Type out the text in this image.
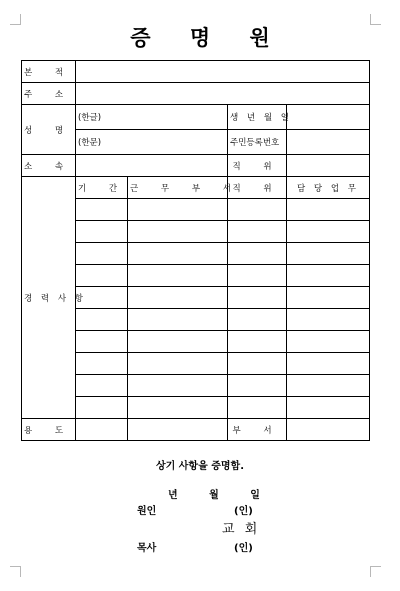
증 명 원
본 적				
주 소				
성 명	(한글)		생 년 월 일	
	(한문)		주민등록번호	
소 속			직 위	
경 력 사 항	기 간	근 무 부 서	직 위	담 당 업 무

용 도			부 서	
상기 사항을 증명함.
년 월 일
원인	(인)
교 회
목사	(인)
